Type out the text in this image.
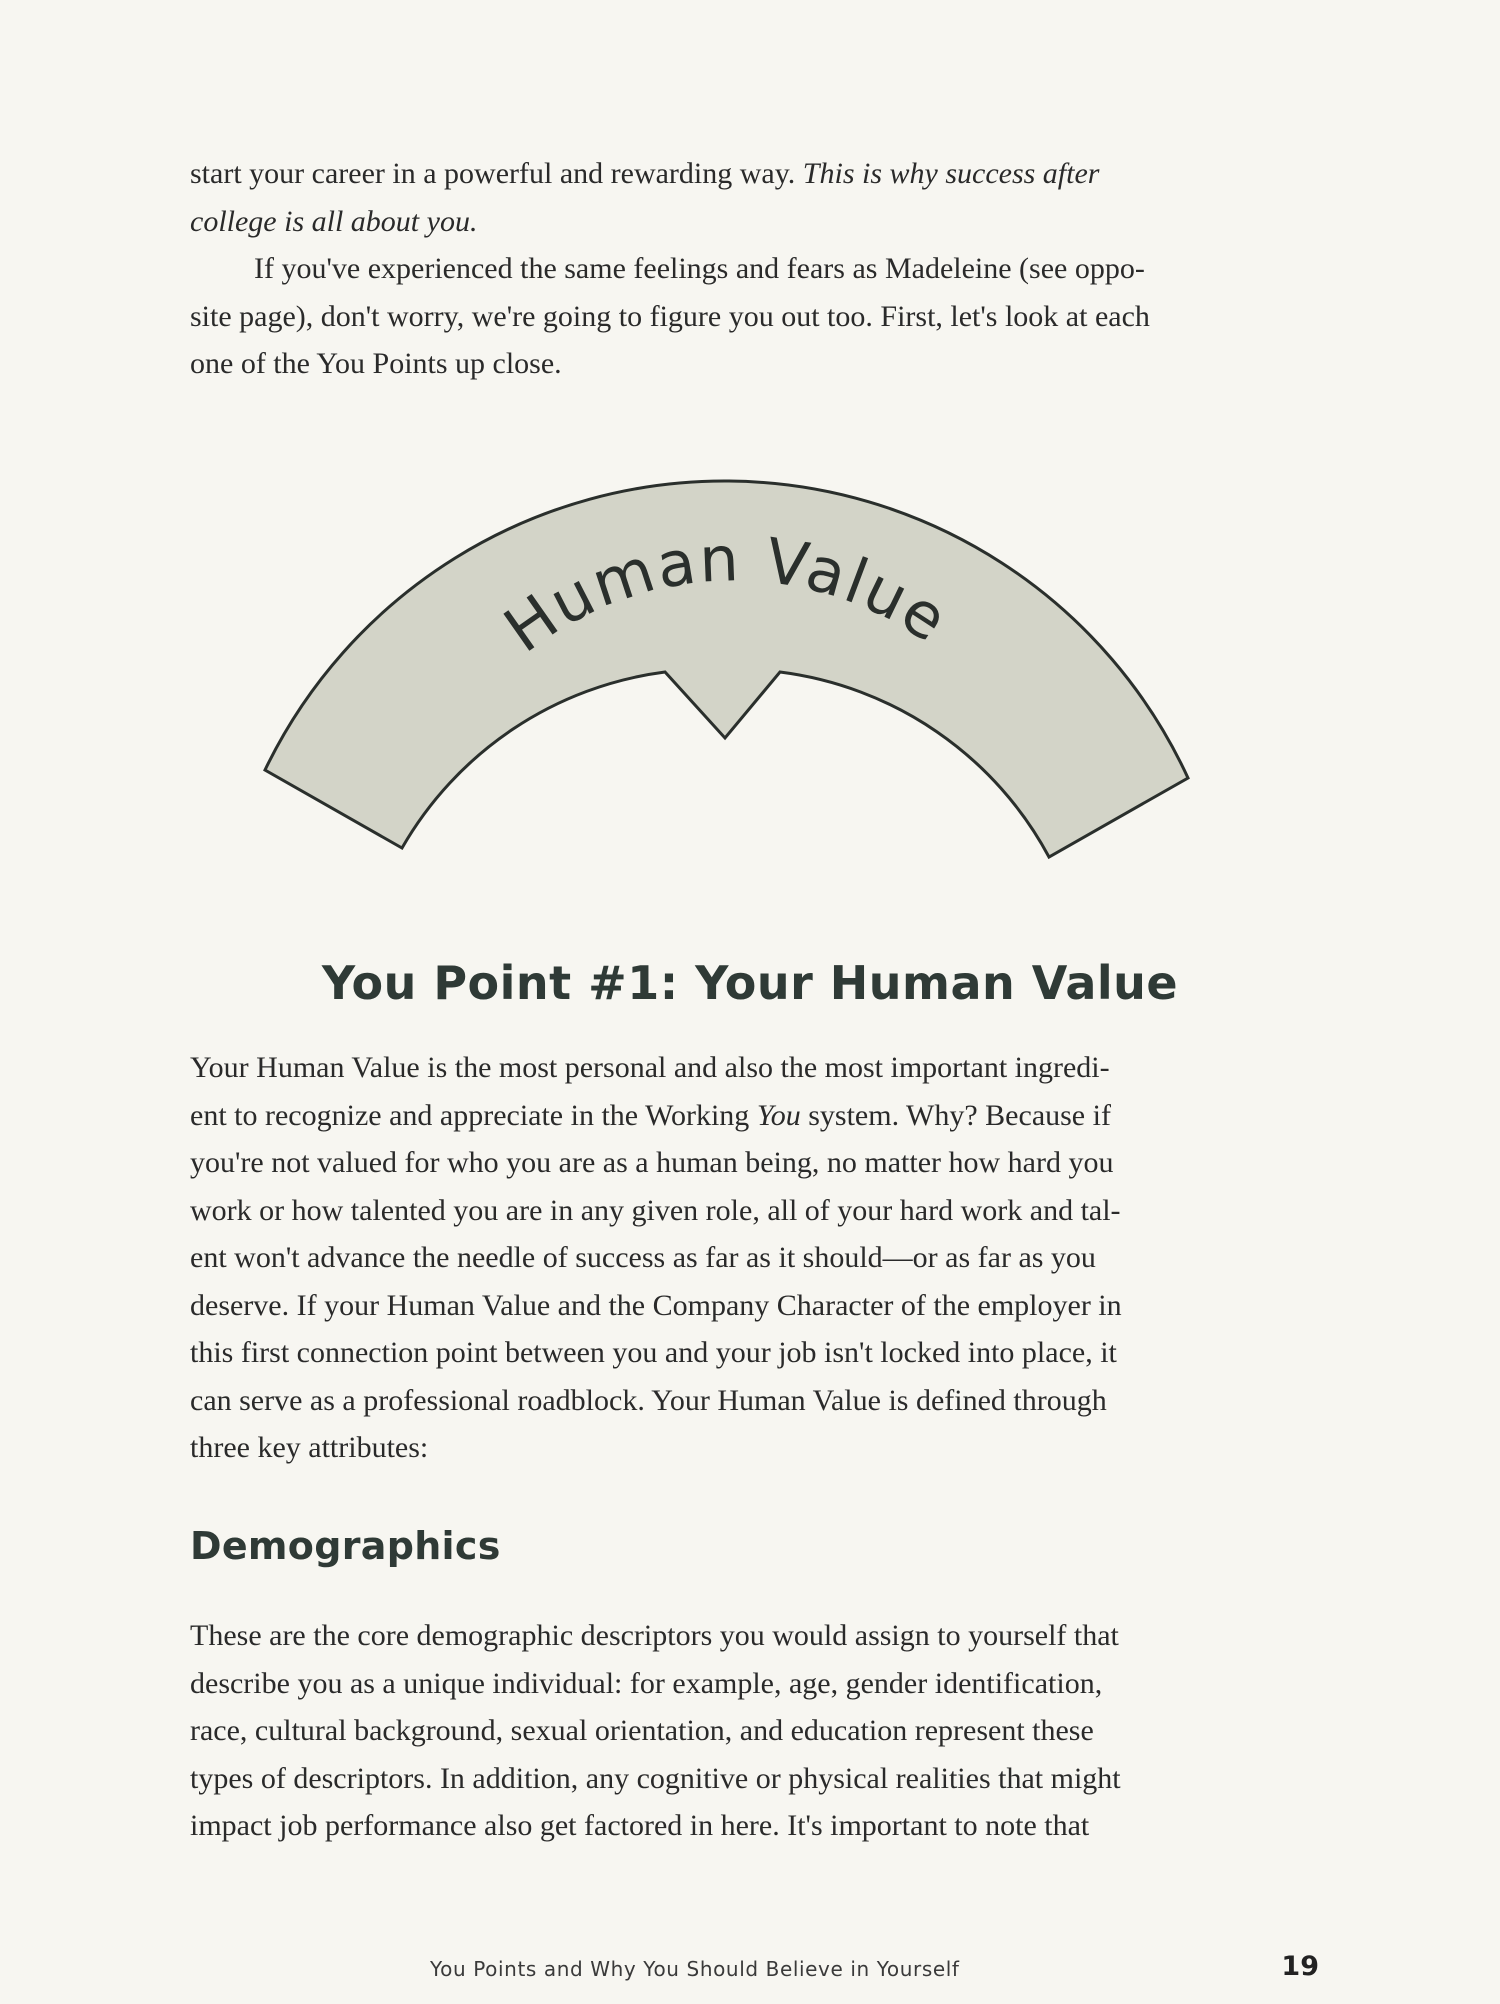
start your career in a powerful and rewarding way. This is why success after
college is all about you.
If you've experienced the same feelings and fears as Madeleine (see oppo-
site page), don't worry, we're going to figure you out too. First, let's look at each
one of the You Points up close.
Human Value
You Point #1: Your Human Value
Your Human Value is the most personal and also the most important ingredi-
ent to recognize and appreciate in the Working You system. Why? Because if
you're not valued for who you are as a human being, no matter how hard you
work or how talented you are in any given role, all of your hard work and tal-
ent won't advance the needle of success as far as it should—or as far as you
deserve. If your Human Value and the Company Character of the employer in
this first connection point between you and your job isn't locked into place, it
can serve as a professional roadblock. Your Human Value is defined through
three key attributes:
Demographics
These are the core demographic descriptors you would assign to yourself that
describe you as a unique individual: for example, age, gender identification,
race, cultural background, sexual orientation, and education represent these
types of descriptors. In addition, any cognitive or physical realities that might
impact job performance also get factored in here. It's important to note that
You Points and Why You Should Believe in Yourself	19
